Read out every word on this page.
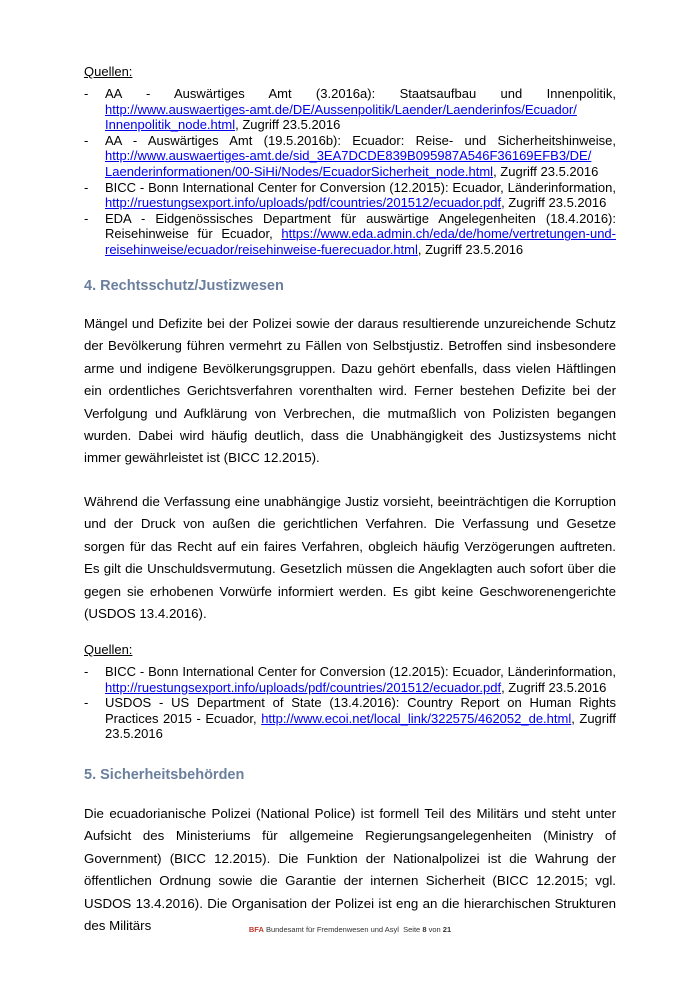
Quellen:
- AA - Auswärtiges Amt (3.2016a): Staatsaufbau und Innenpolitik, http://www.auswaertiges-amt.de/DE/Aussenpolitik/Laender/Laenderinfos/Ecuador/ Innenpolitik_node.html, Zugriff 23.5.2016
- AA - Auswärtiges Amt (19.5.2016b): Ecuador: Reise- und Sicherheitshinweise, http://www.auswaertiges-amt.de/sid_3EA7DCDE839B095987A546F36169EFB3/DE/ Laenderinformationen/00-SiHi/Nodes/EcuadorSicherheit_node.html, Zugriff 23.5.2016
- BICC - Bonn International Center for Conversion (12.2015): Ecuador, Länderinformation, http://ruestungsexport.info/uploads/pdf/countries/201512/ecuador.pdf, Zugriff 23.5.2016
- EDA - Eidgenössisches Department für auswärtige Angelegenheiten (18.4.2016): Reisehinweise für Ecuador, https://www.eda.admin.ch/eda/de/home/vertretungen-und-reisehinweise/ecuador/reisehinweise-fuerecuador.html, Zugriff 23.5.2016
4. Rechtsschutz/Justizwesen

Mängel und Defizite bei der Polizei sowie der daraus resultierende unzureichende Schutz der Bevölkerung führen vermehrt zu Fällen von Selbstjustiz. Betroffen sind insbesondere arme und indigene Bevölkerungsgruppen. Dazu gehört ebenfalls, dass vielen Häftlingen ein ordentliches Gerichtsverfahren vorenthalten wird. Ferner bestehen Defizite bei der Verfolgung und Aufklärung von Verbrechen, die mutmaßlich von Polizisten begangen wurden. Dabei wird häufig deutlich, dass die Unabhängigkeit des Justizsystems nicht immer gewährleistet ist (BICC 12.2015).

Während die Verfassung eine unabhängige Justiz vorsieht, beeinträchtigen die Korruption und der Druck von außen die gerichtlichen Verfahren. Die Verfassung und Gesetze sorgen für das Recht auf ein faires Verfahren, obgleich häufig Verzögerungen auftreten. Es gilt die Unschuldsvermutung. Gesetzlich müssen die Angeklagten auch sofort über die gegen sie erhobenen Vorwürfe informiert werden. Es gibt keine Geschworenengerichte (USDOS 13.4.2016).

Quellen:
- BICC - Bonn International Center for Conversion (12.2015): Ecuador, Länderinformation, http://ruestungsexport.info/uploads/pdf/countries/201512/ecuador.pdf, Zugriff 23.5.2016
- USDOS - US Department of State (13.4.2016): Country Report on Human Rights Practices 2015 - Ecuador, http://www.ecoi.net/local_link/322575/462052_de.html, Zugriff 23.5.2016
5. Sicherheitsbehörden

Die ecuadorianische Polizei (National Police) ist formell Teil des Militärs und steht unter Aufsicht des Ministeriums für allgemeine Regierungsangelegenheiten (Ministry of Government) (BICC 12.2015). Die Funktion der Nationalpolizei ist die Wahrung der öffentlichen Ordnung sowie die Garantie der internen Sicherheit (BICC 12.2015; vgl. USDOS 13.4.2016). Die Organisation der Polizei ist eng an die hierarchischen Strukturen des Militärs	BFA Bundesamt für Fremdenwesen und Asyl Seite 8 von 21
